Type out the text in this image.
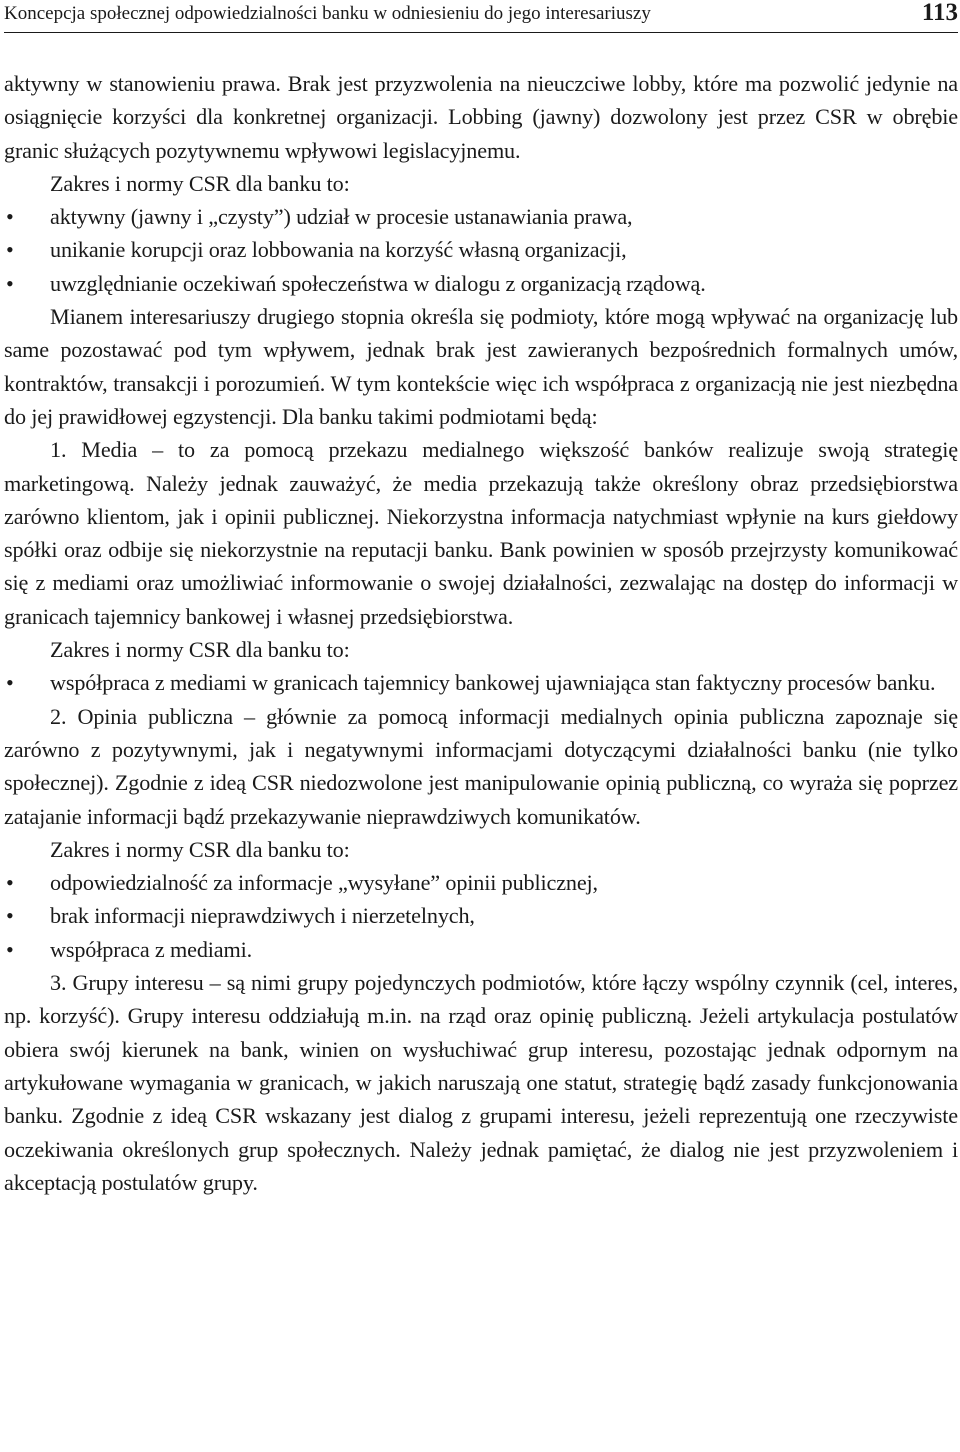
Koncepcja społecznej odpowiedzialności banku w odniesieniu do jego interesariuszy	113

aktywny w stanowieniu prawa. Brak jest przyzwolenia na nieuczciwe lobby, które ma pozwolić jedynie na osiągnięcie korzyści dla konkretnej organizacji. Lobbing (jawny) dozwolony jest przez CSR w obrębie granic służących pozytywnemu wpływowi legislacyjnemu.

Zakres i normy CSR dla banku to:

• aktywny (jawny i „czysty”) udział w procesie ustanawiania prawa,
• unikanie korupcji oraz lobbowania na korzyść własną organizacji,
• uwzględnianie oczekiwań społeczeństwa w dialogu z organizacją rządową.

Mianem interesariuszy drugiego stopnia określa się podmioty, które mogą wpływać na organizację lub same pozostawać pod tym wpływem, jednak brak jest zawieranych bezpośrednich formalnych umów, kontraktów, transakcji i porozumień. W tym kontekście więc ich współpraca z organizacją nie jest niezbędna do jej prawidłowej egzystencji. Dla banku takimi podmiotami będą:

1. Media – to za pomocą przekazu medialnego większość banków realizuje swoją strategię marketingową. Należy jednak zauważyć, że media przekazują także określony obraz przedsiębiorstwa zarówno klientom, jak i opinii publicznej. Niekorzystna informacja natychmiast wpłynie na kurs giełdowy spółki oraz odbije się niekorzystnie na reputacji banku. Bank powinien w sposób przejrzysty komunikować się z mediami oraz umożliwiać informowanie o swojej działalności, zezwalając na dostęp do informacji w granicach tajemnicy bankowej i własnej przedsiębiorstwa.

Zakres i normy CSR dla banku to:

• współpraca z mediami w granicach tajemnicy bankowej ujawniająca stan faktyczny procesów banku.

2. Opinia publiczna – głównie za pomocą informacji medialnych opinia publiczna zapoznaje się zarówno z pozytywnymi, jak i negatywnymi informacjami dotyczącymi działalności banku (nie tylko społecznej). Zgodnie z ideą CSR niedozwolone jest manipulowanie opinią publiczną, co wyraża się poprzez zatajanie informacji bądź przekazywanie nieprawdziwych komunikatów.

Zakres i normy CSR dla banku to:

• odpowiedzialność za informacje „wysyłane” opinii publicznej,
• brak informacji nieprawdziwych i nierzetelnych,
• współpraca z mediami.

3. Grupy interesu – są nimi grupy pojedynczych podmiotów, które łączy wspólny czynnik (cel, interes, np. korzyść). Grupy interesu oddziałują m.in. na rząd oraz opinię publiczną. Jeżeli artykulacja postulatów obiera swój kierunek na bank, winien on wysłuchiwać grup interesu, pozostając jednak odpornym na artykułowane wymagania w granicach, w jakich naruszają one statut, strategię bądź zasady funkcjonowania banku. Zgodnie z ideą CSR wskazany jest dialog z grupami interesu, jeżeli reprezentują one rzeczywiste oczekiwania określonych grup społecznych. Należy jednak pamiętać, że dialog nie jest przyzwoleniem i akceptacją postulatów grupy.
